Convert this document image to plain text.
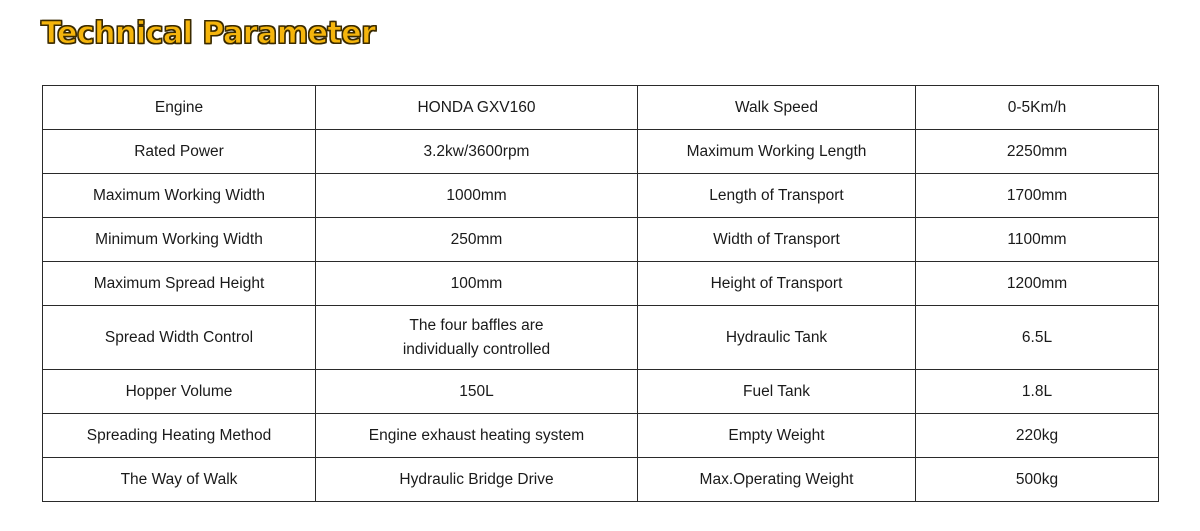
Technical Parameter
Engine	HONDA GXV160	Walk Speed	0-5Km/h
Rated Power	3.2kw/3600rpm	Maximum Working Length	2250mm
Maximum Working Width	1000mm	Length of Transport	1700mm
Minimum Working Width	250mm	Width of Transport	1100mm
Maximum Spread Height	100mm	Height of Transport	1200mm
Spread Width Control	The four baffles are individually controlled	Hydraulic Tank	6.5L
Hopper Volume	150L	Fuel Tank	1.8L
Spreading Heating Method	Engine exhaust heating system	Empty Weight	220kg
The Way of Walk	Hydraulic Bridge Drive	Max.Operating Weight	500kg
